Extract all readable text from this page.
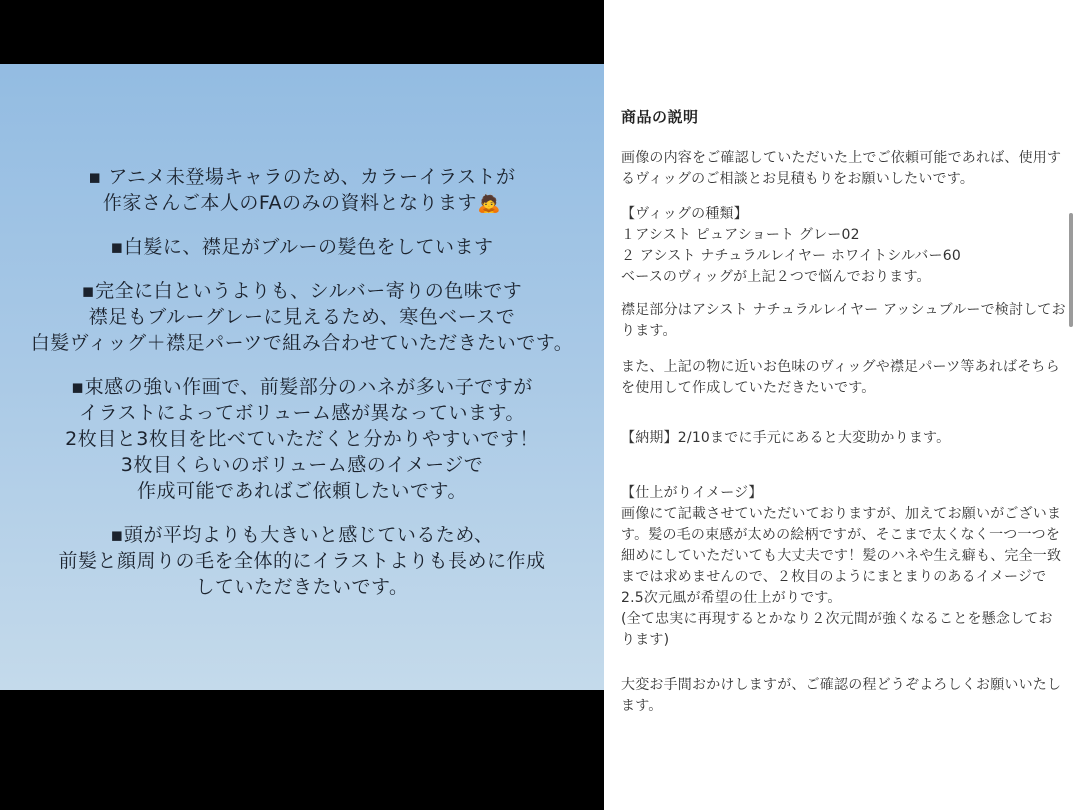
▪ アニメ未登場キャラのため、カラーイラストが
作家さんご本人のFAのみの資料となります🙇
▪白髪に、襟足がブルーの髪色をしています
▪完全に白というよりも、シルバー寄りの色味です
襟足もブルーグレーに見えるため、寒色ベースで
白髪ヴィッグ＋襟足パーツで組み合わせていただきたいです。
▪束感の強い作画で、前髪部分のハネが多い子ですが
イラストによってボリューム感が異なっています。
2枚目と3枚目を比べていただくと分かりやすいです！
3枚目くらいのボリューム感のイメージで
作成可能であればご依頼したいです。
▪頭が平均よりも大きいと感じているため、
前髪と顔周りの毛を全体的にイラストよりも長めに作成
していただきたいです。
商品の説明

画像の内容をご確認していただいた上でご依頼可能であれば、使用するヴィッグのご相談とお見積もりをお願いしたいです。

【ヴィッグの種類】
１アシスト ピュアショート グレー02
２ アシスト ナチュラルレイヤー ホワイトシルバー60
ベースのヴィッグが上記２つで悩んでおります。

襟足部分はアシスト ナチュラルレイヤー アッシュブルーで検討しております。

また、上記の物に近いお色味のヴィッグや襟足パーツ等あればそちらを使用して作成していただきたいです。

【納期】2/10までに手元にあると大変助かります。

【仕上がりイメージ】
画像にて記載させていただいておりますが、加えてお願いがございます。髪の毛の束感が太めの絵柄ですが、そこまで太くなく一つ一つを細めにしていただいても大丈夫です！髪のハネや生え癖も、完全一致までは求めませんので、２枚目のようにまとまりのあるイメージで2.5次元風が希望の仕上がりです。
(全て忠実に再現するとかなり２次元間が強くなることを懸念しております)

大変お手間おかけしますが、ご確認の程どうぞよろしくお願いいたします。
